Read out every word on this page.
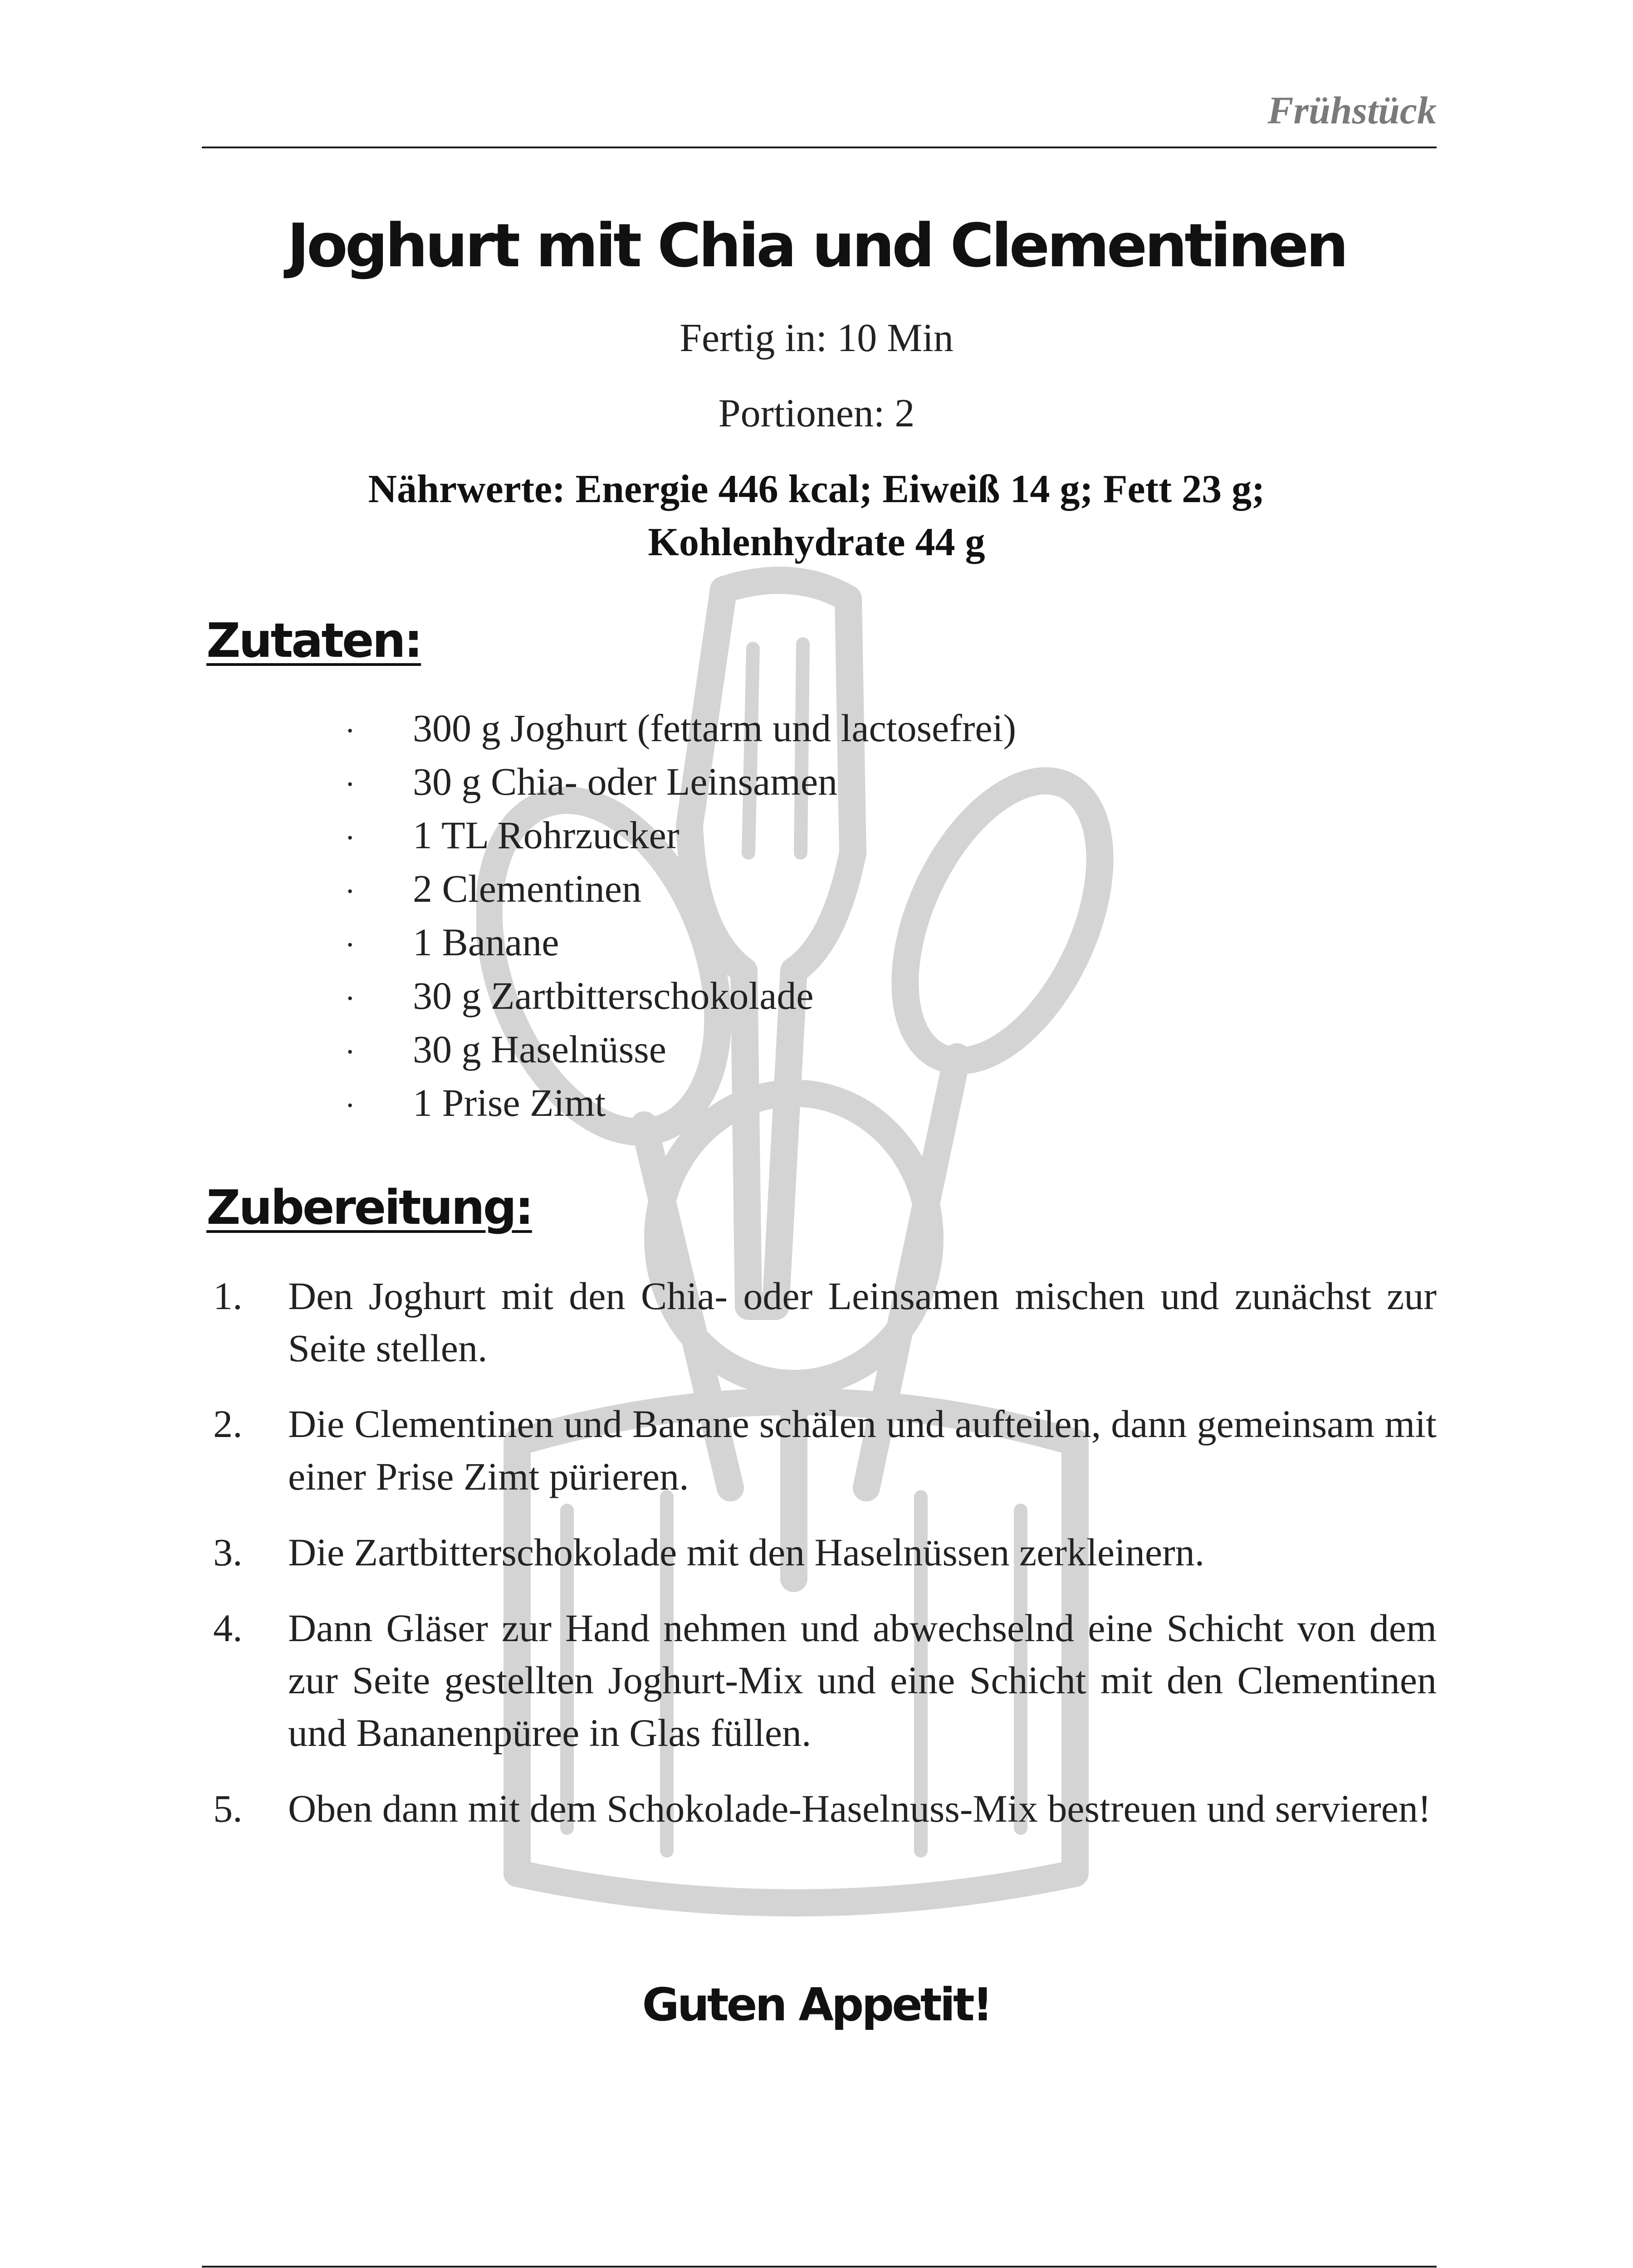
Frühstück
Joghurt mit Chia und Clementinen
Fertig in: 10 Min
Portionen: 2
Nährwerte: Energie 446 kcal; Eiweiß 14 g; Fett 23 g; Kohlenhydrate 44 g
Zutaten:
·	300 g Joghurt (fettarm und lactosefrei)
·	30 g Chia- oder Leinsamen
·	1 TL Rohrzucker
·	2 Clementinen
·	1 Banane
·	30 g Zartbitterschokolade
·	30 g Haselnüsse
·	1 Prise Zimt
Zubereitung:
1.	Den Joghurt mit den Chia- oder Leinsamen mischen und zunächst zur Seite stellen.
2.	Die Clementinen und Banane schälen und aufteilen, dann gemeinsam mit einer Prise Zimt pürieren.
3.	Die Zartbitterschokolade mit den Haselnüssen zerkleinern.
4.	Dann Gläser zur Hand nehmen und abwechselnd eine Schicht von dem zur Seite gestellten Joghurt-Mix und eine Schicht mit den Clementinen und Bananenpüree in Glas füllen.
5.	Oben dann mit dem Schokolade-Haselnuss-Mix bestreuen und servieren!
Guten Appetit!
